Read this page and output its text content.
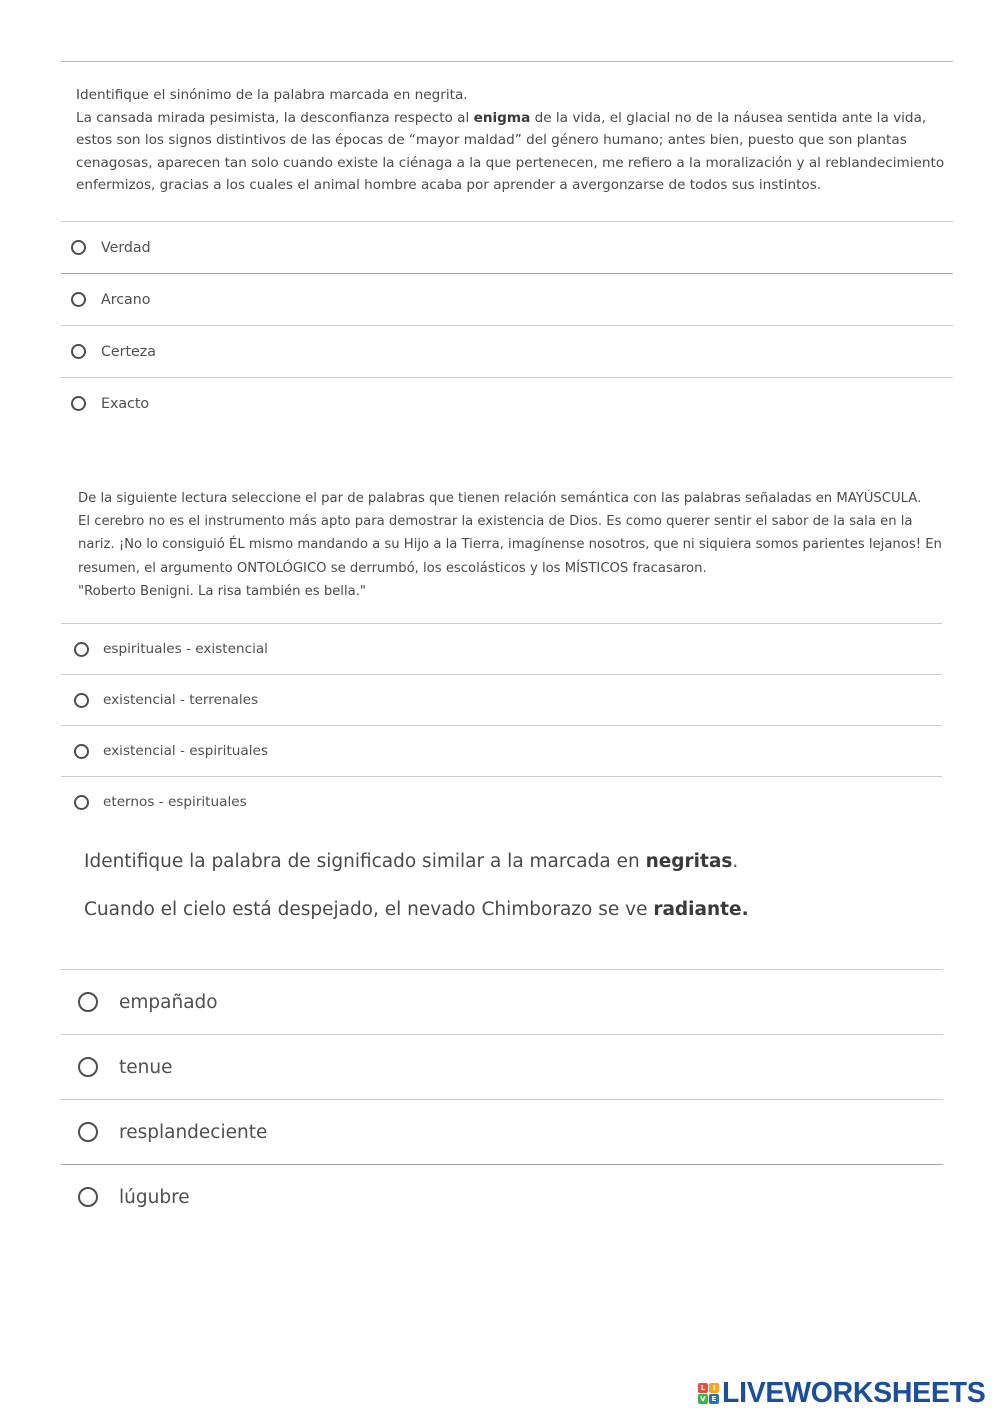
Identifique el sinónimo de la palabra marcada en negrita.
La cansada mirada pesimista, la desconfianza respecto al enigma de la vida, el glacial no de la náusea sentida ante la vida, estos son los signos distintivos de las épocas de “mayor maldad” del género humano; antes bien, puesto que son plantas cenagosas, aparecen tan solo cuando existe la ciénaga a la que pertenecen, me refiero a la moralización y al reblandecimiento enfermizos, gracias a los cuales el animal hombre acaba por aprender a avergonzarse de todos sus instintos.
Verdad
Arcano
Certeza
Exacto
De la siguiente lectura seleccione el par de palabras que tienen relación semántica con las palabras señaladas en MAYÚSCULA.
El cerebro no es el instrumento más apto para demostrar la existencia de Dios. Es como querer sentir el sabor de la sala en la nariz. ¡No lo consiguió ÉL mismo mandando a su Hijo a la Tierra, imagínense nosotros, que ni siquiera somos parientes lejanos! En resumen, el argumento ONTOLÓGICO se derrumbó, los escolásticos y los MÍSTICOS fracasaron.
"Roberto Benigni. La risa también es bella."
espirituales - existencial
existencial - terrenales
existencial - espirituales
eternos - espirituales
Identifique la palabra de significado similar a la marcada en negritas.
Cuando el cielo está despejado, el nevado Chimborazo se ve radiante.
empañado
tenue
resplandeciente
lúgubre
L	I
V E LIVEWORKSHEETS
